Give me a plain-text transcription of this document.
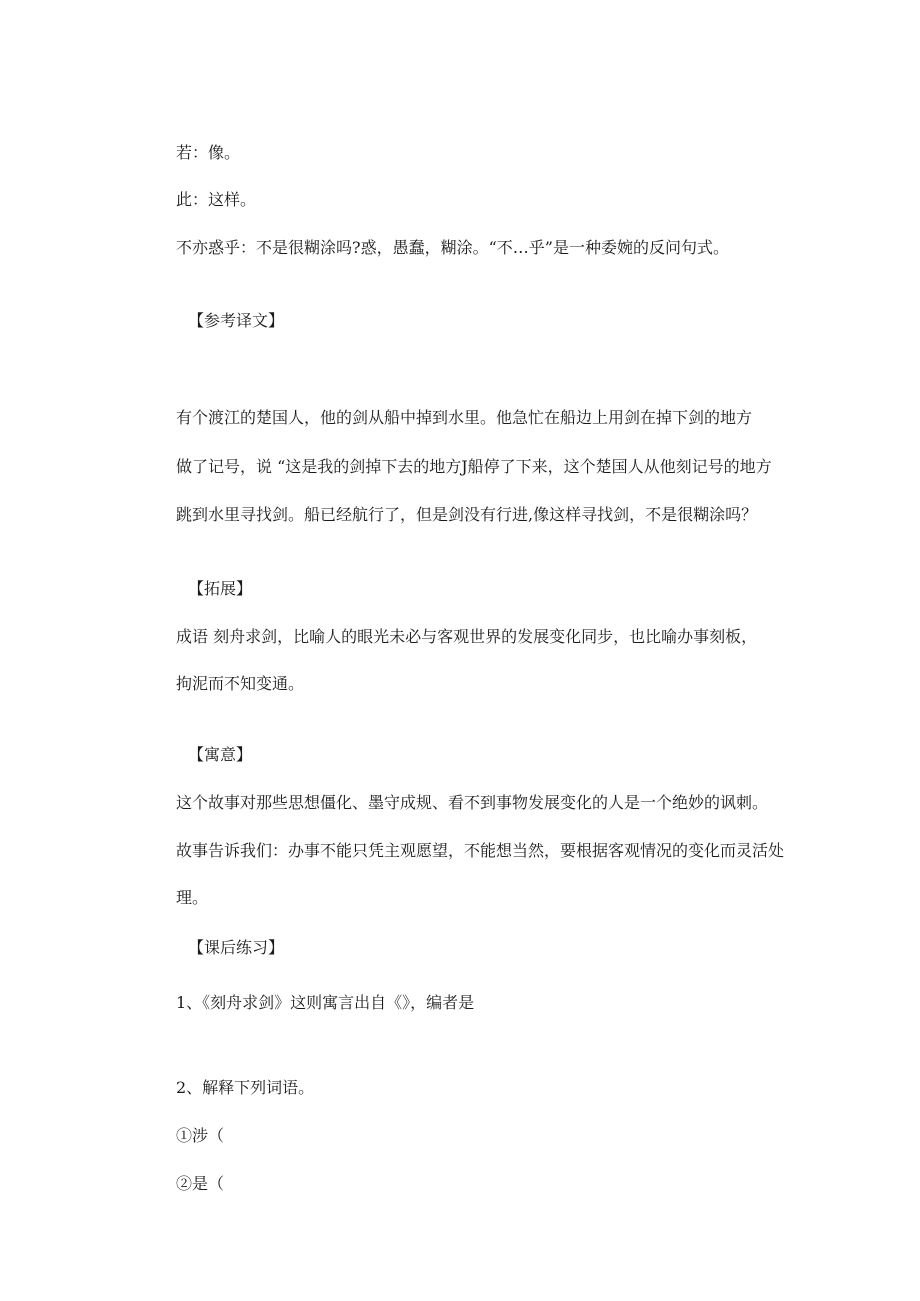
若：像。
此：这样。
不亦惑乎：不是很糊涂吗?惑，愚蠢，糊涂。“不…乎”是一种委婉的反问句式。
【参考译文】
有个渡江的楚国人，他的剑从船中掉到水里。他急忙在船边上用剑在掉下剑的地方
做了记号，说 “这是我的剑掉下去的地方J船停了下来，这个楚国人从他刻记号的地方
跳到水里寻找剑。船已经航行了，但是剑没有行进,像这样寻找剑，不是很糊涂吗？
【拓展】
成语 刻舟求剑，比喻人的眼光未必与客观世界的发展变化同步，也比喻办事刻板，
拘泥而不知变通。
【寓意】
这个故事对那些思想僵化、墨守成规、看不到事物发展变化的人是一个绝妙的讽刺。
故事告诉我们：办事不能只凭主观愿望，不能想当然，要根据客观情况的变化而灵活处
理。
【课后练习】
1、《刻舟求剑》这则寓言出自《》，编者是
2、解释下列词语。
①涉（
②是（
